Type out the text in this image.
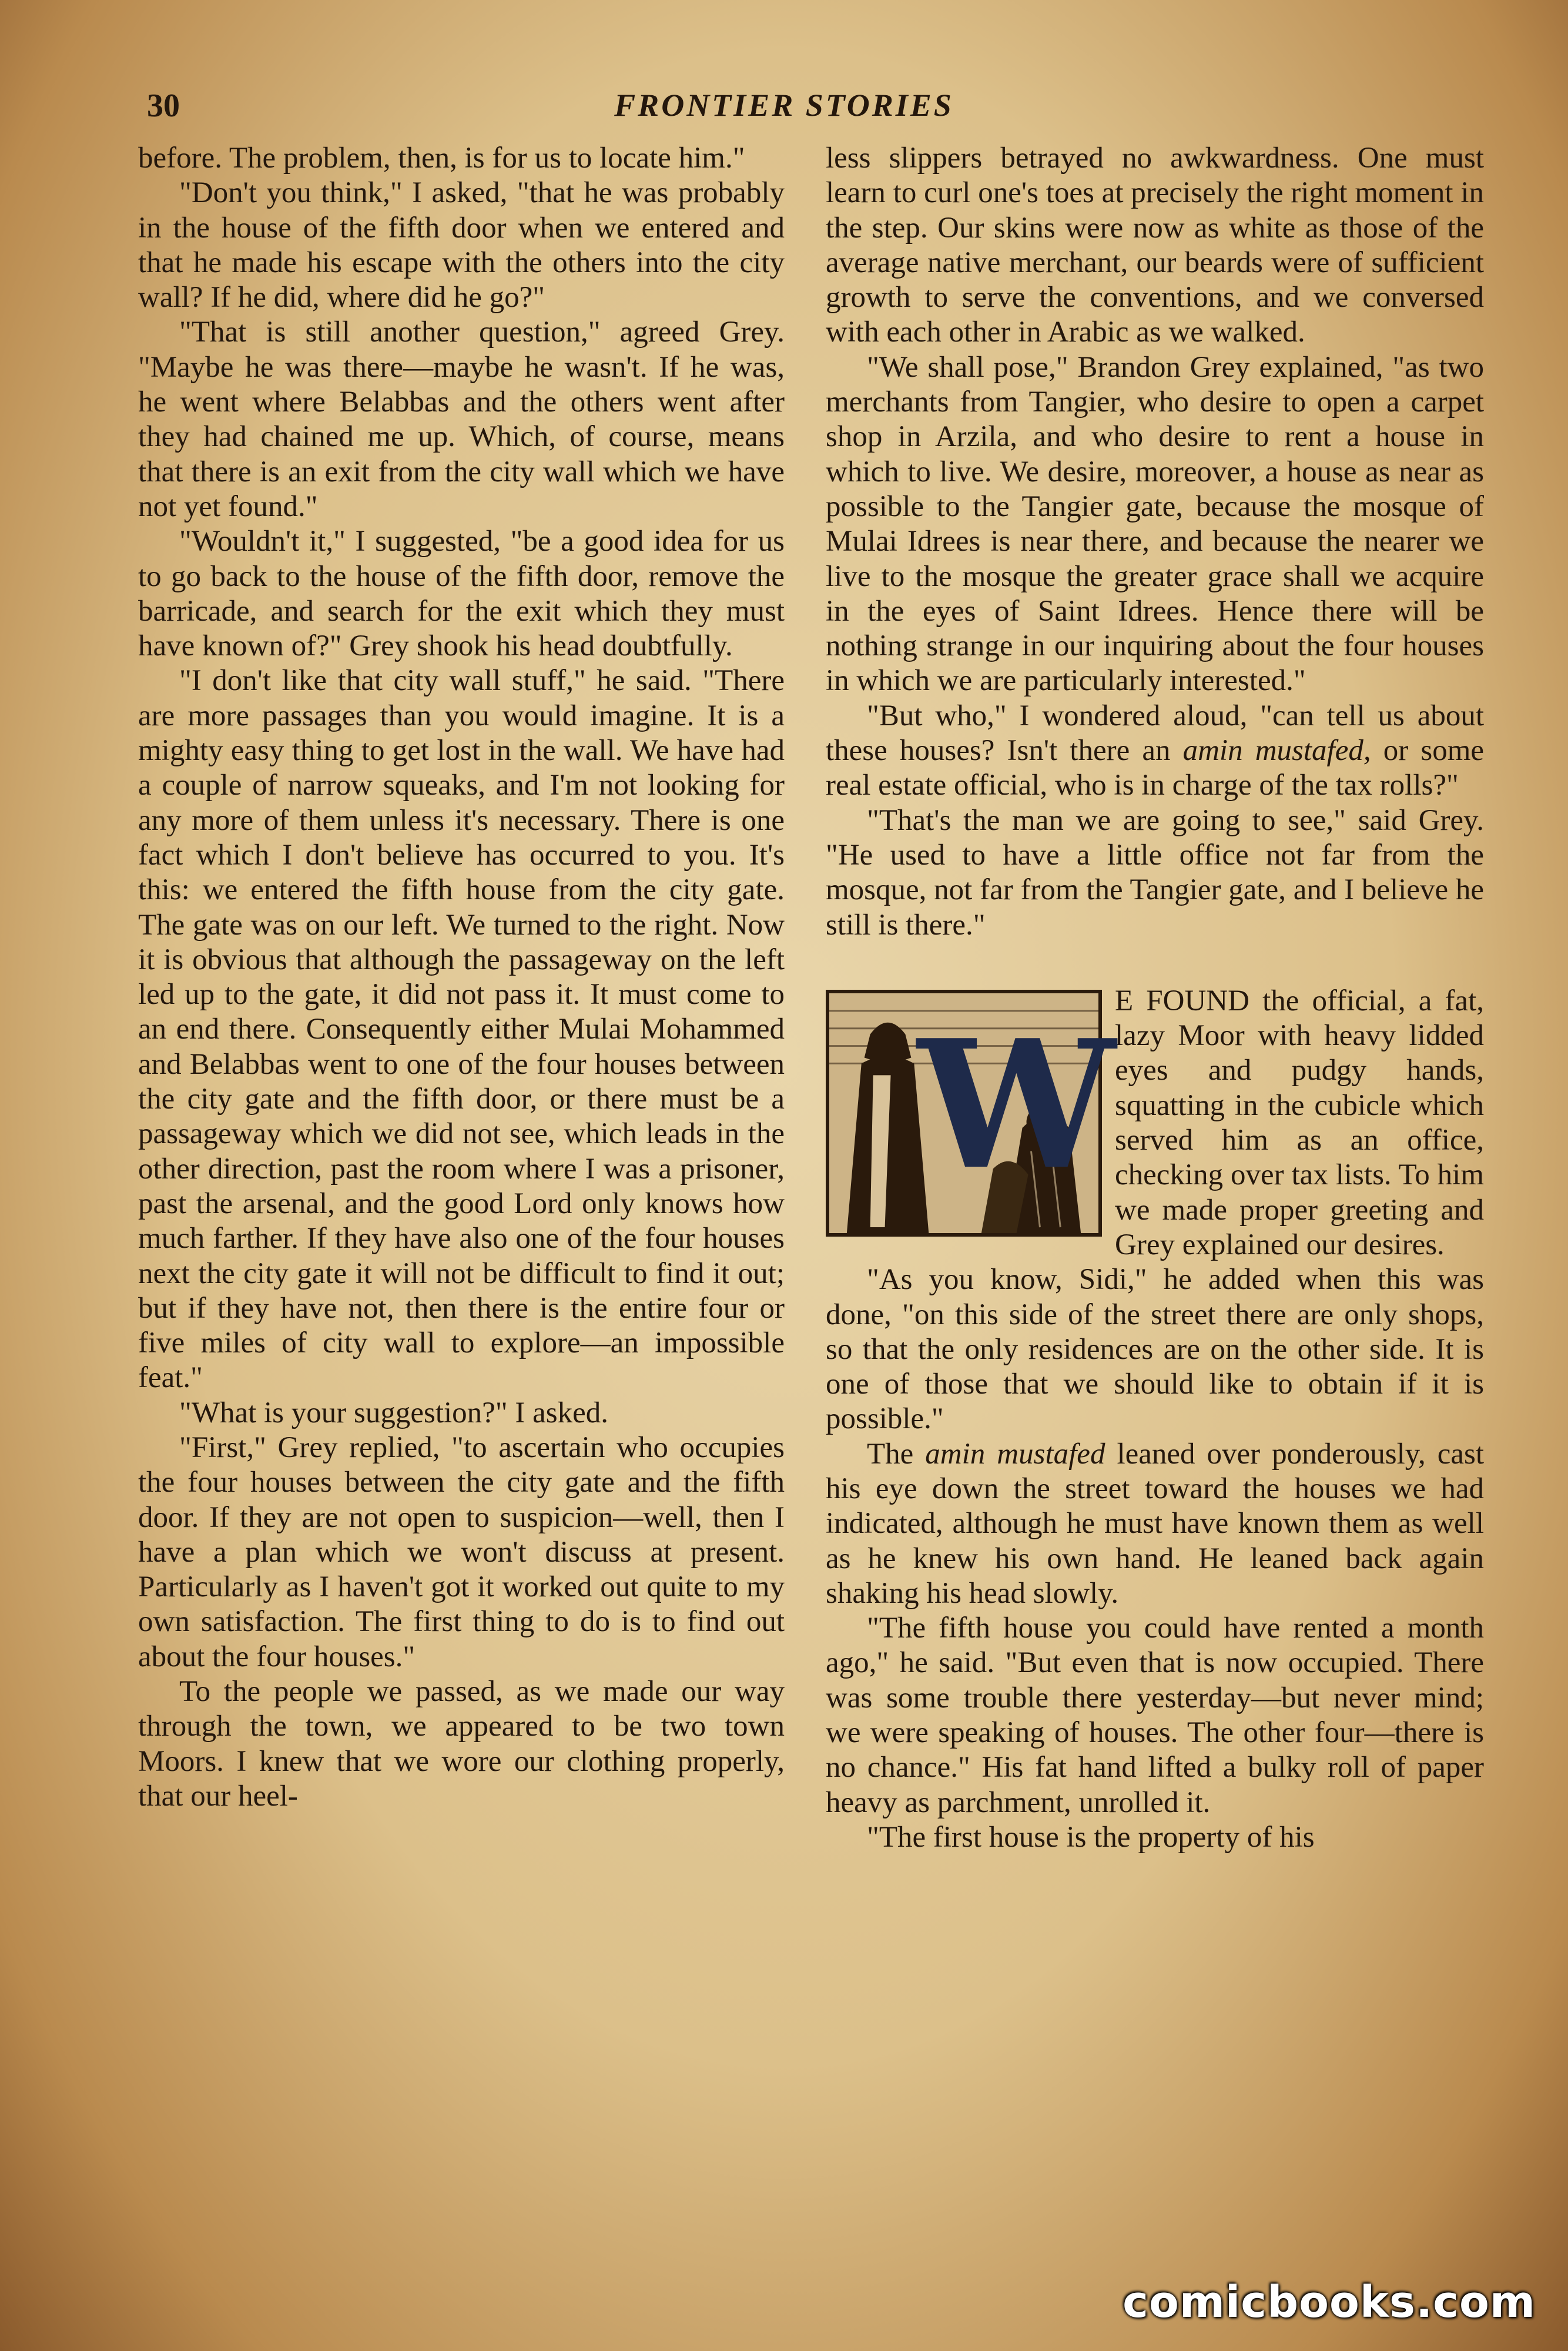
FRONTIER STORIES
30

before. The problem, then, is for us to locate him."

"Don't you think," I asked, "that he was probably in the house of the fifth door when we entered and that he made his escape with the others into the city wall? If he did, where did he go?"

"That is still another question," agreed Grey. "Maybe he was there—maybe he wasn't. If he was, he went where Belabbas and the others went after they had chained me up. Which, of course, means that there is an exit from the city wall which we have not yet found."

"Wouldn't it," I suggested, "be a good idea for us to go back to the house of the fifth door, remove the barricade, and search for the exit which they must have known of?" Grey shook his head doubtfully.

"I don't like that city wall stuff," he said. "There are more passages than you would imagine. It is a mighty easy thing to get lost in the wall. We have had a couple of narrow squeaks, and I'm not looking for any more of them unless it's necessary. There is one fact which I don't believe has occurred to you. It's this: we entered the fifth house from the city gate. The gate was on our left. We turned to the right. Now it is obvious that although the passageway on the left led up to the gate, it did not pass it. It must come to an end there. Consequently either Mulai Mohammed and Belabbas went to one of the four houses between the city gate and the fifth door, or there must be a passageway which we did not see, which leads in the other direction, past the room where I was a prisoner, past the arsenal, and the good Lord only knows how much farther. If they have also one of the four houses next the city gate it will not be difficult to find it out; but if they have not, then there is the entire four or five miles of city wall to explore—an impossible feat."

"What is your suggestion?" I asked.

"First," Grey replied, "to ascertain who occupies the four houses between the city gate and the fifth door. If they are not open to suspicion—well, then I have a plan which we won't discuss at present. Particularly as I haven't got it worked out quite to my own satisfaction. The first thing to do is to find out about the four houses."

To the people we passed, as we made our way through the town, we appeared to be two town Moors. I knew that we wore our clothing properly, that our heel-

less slippers betrayed no awkwardness. One must learn to curl one's toes at precisely the right moment in the step. Our skins were now as white as those of the average native merchant, our beards were of sufficient growth to serve the conventions, and we conversed with each other in Arabic as we walked.

"We shall pose," Brandon Grey explained, "as two merchants from Tangier, who desire to open a carpet shop in Arzila, and who desire to rent a house in which to live. We desire, moreover, a house as near as possible to the Tangier gate, because the mosque of Mulai Idrees is near there, and because the nearer we live to the mosque the greater grace shall we acquire in the eyes of Saint Idrees. Hence there will be nothing strange in our inquiring about the four houses in which we are particularly interested."

"But who," I wondered aloud, "can tell us about these houses? Isn't there an amin mustafed, or some real estate official, who is in charge of the tax rolls?"

"That's the man we are going to see," said Grey. "He used to have a little office not far from the mosque, not far from the Tangier gate, and I believe he still is there."

W E FOUND the official, a fat, lazy Moor with heavy lidded eyes and pudgy hands, squatting in the cubicle which served him as an office, checking over tax lists. To him we made proper greeting and Grey explained our desires.

"As you know, Sidi," he added when this was done, "on this side of the street there are only shops, so that the only residences are on the other side. It is one of those that we should like to obtain if it is possible."

The amin mustafed leaned over ponderously, cast his eye down the street toward the houses we had indicated, although he must have known them as well as he knew his own hand. He leaned back again shaking his head slowly.

"The fifth house you could have rented a month ago," he said. "But even that is now occupied. There was some trouble there yesterday—but never mind; we were speaking of houses. The other four—there is no chance." His fat hand lifted a bulky roll of paper heavy as parchment, unrolled it.

"The first house is the property of his

comicbooks.com
